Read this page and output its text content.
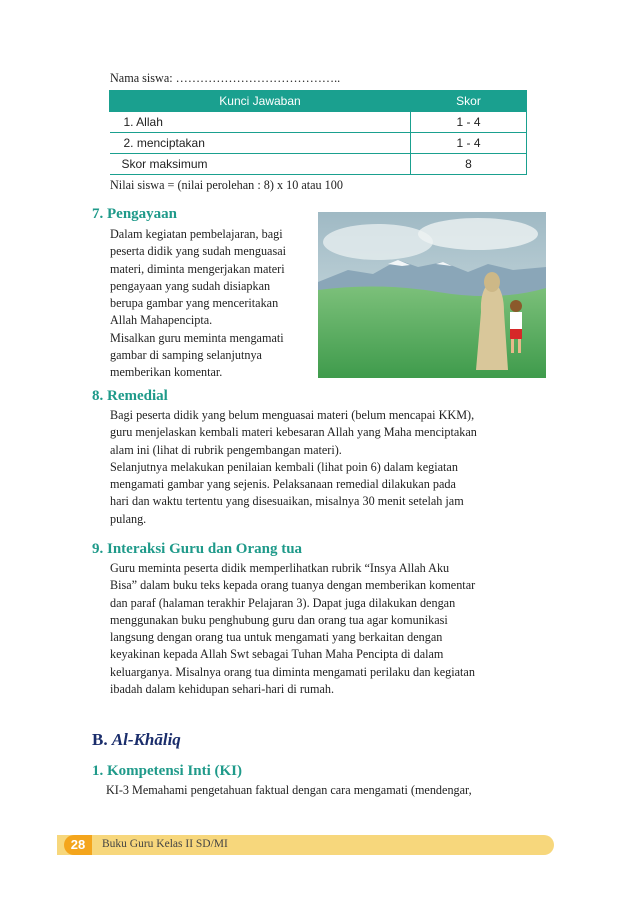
Nama siswa: …………………………………..
Kunci Jawaban	Skor
1. Allah	1 - 4
2. menciptakan	1 - 4
Skor maksimum	8
Nilai siswa = (nilai perolehan : 8) x 10 atau 100
7. Pengayaan
Dalam kegiatan pembelajaran, bagi
peserta didik yang sudah menguasai
materi, diminta mengerjakan materi
pengayaan yang sudah disiapkan
berupa gambar yang menceritakan
Allah Mahapencipta.
Misalkan guru meminta mengamati
gambar di samping selanjutnya
memberikan komentar.
8. Remedial
Bagi peserta didik yang belum menguasai materi (belum mencapai KKM),
guru menjelaskan kembali materi kebesaran Allah yang Maha menciptakan
alam ini (lihat di rubrik pengembangan materi).
Selanjutnya melakukan penilaian kembali (lihat poin 6) dalam kegiatan
mengamati gambar yang sejenis. Pelaksanaan remedial dilakukan pada
hari dan waktu tertentu yang disesuaikan, misalnya 30 menit setelah jam
pulang.
9. Interaksi Guru dan Orang tua
Guru meminta peserta didik memperlihatkan rubrik “Insya Allah Aku
Bisa” dalam buku teks kepada orang tuanya dengan memberikan komentar
dan paraf (halaman terakhir Pelajaran 3). Dapat juga dilakukan dengan
menggunakan buku penghubung guru dan orang tua agar komunikasi
langsung dengan orang tua untuk mengamati yang berkaitan dengan
keyakinan kepada Allah Swt sebagai Tuhan Maha Pencipta di dalam
keluarganya. Misalnya orang tua diminta mengamati perilaku dan kegiatan
ibadah dalam kehidupan sehari-hari di rumah.
B. Al-Khāliq
1. Kompetensi Inti (KI)
KI-3 Memahami pengetahuan faktual dengan cara mengamati (mendengar,
28	Buku Guru Kelas II SD/MI
